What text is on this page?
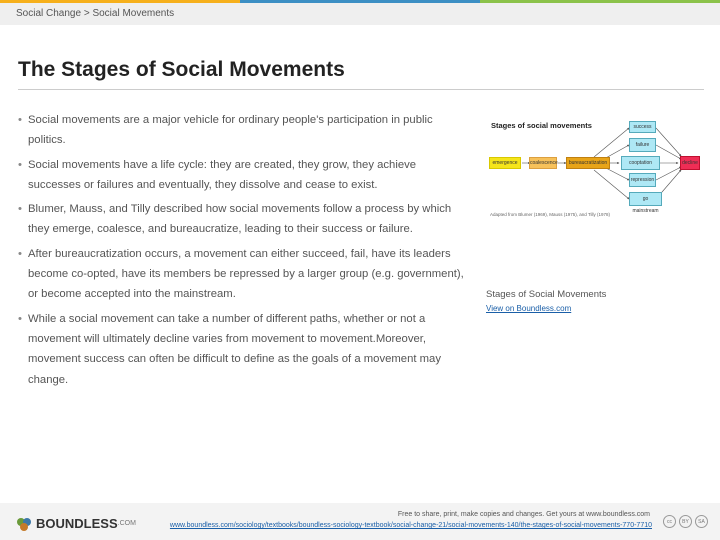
Social Change > Social Movements
The Stages of Social Movements
• Social movements are a major vehicle for ordinary people's participation in public politics.
• Social movements have a life cycle: they are created, they grow, they achieve successes or failures and eventually, they dissolve and cease to exist.
• Blumer, Mauss, and Tilly described how social movements follow a process by which they emerge, coalesce, and bureaucratize, leading to their success or failure.
• After bureaucratization occurs, a movement can either succeed, fail, have its leaders become co-opted, have its members be repressed by a larger group (e.g. government), or become accepted into the mainstream.
• While a social movement can take a number of different paths, whether or not a movement will ultimately decline varies from movement to movement.Moreover, movement success can often be difficult to define as the goals of a movement may change.
Stages of social movements
emergence	coalescence	bureaucratization
success
failure
cooptation
repression
go mainstream
decline
Adapted from Blumer (1969), Mauss (1975), and Tilly (1978)
Stages of Social Movements
View on Boundless.com
BOUNDLESS .COM
Free to share, print, make copies and changes. Get yours at www.boundless.com
www.boundless.com/sociology/textbooks/boundless-sociology-textbook/social-change-21/social-movements-140/the-stages-of-social-movements-770-7710
cc	BY	SA
